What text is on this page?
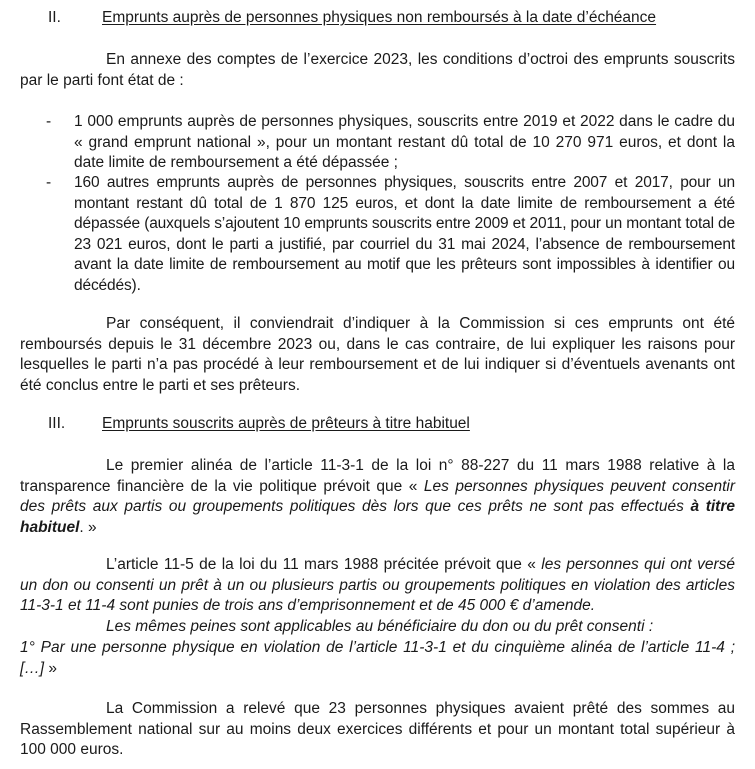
II.	Emprunts auprès de personnes physiques non remboursés à la date d’échéance
En annexe des comptes de l’exercice 2023, les conditions d’octroi des emprunts souscrits par le parti font état de :
- 1 000 emprunts auprès de personnes physiques, souscrits entre 2019 et 2022 dans le cadre du « grand emprunt national », pour un montant restant dû total de 10 270 971 euros, et dont la date limite de remboursement a été dépassée ;
- 160 autres emprunts auprès de personnes physiques, souscrits entre 2007 et 2017, pour un montant restant dû total de 1 870 125 euros, et dont la date limite de remboursement a été dépassée (auxquels s’ajoutent 10 emprunts souscrits entre 2009 et 2011, pour un montant total de 23 021 euros, dont le parti a justifié, par courriel du 31 mai 2024, l’absence de remboursement avant la date limite de remboursement au motif que les prêteurs sont impossibles à identifier ou décédés).
Par conséquent, il conviendrait d’indiquer à la Commission si ces emprunts ont été remboursés depuis le 31 décembre 2023 ou, dans le cas contraire, de lui expliquer les raisons pour lesquelles le parti n’a pas procédé à leur remboursement et de lui indiquer si d’éventuels avenants ont été conclus entre le parti et ses prêteurs.
III. Emprunts souscrits auprès de prêteurs à titre habituel
Le premier alinéa de l’article 11-3-1 de la loi n° 88-227 du 11 mars 1988 relative à la transparence financière de la vie politique prévoit que « Les personnes physiques peuvent consentir des prêts aux partis ou groupements politiques dès lors que ces prêts ne sont pas effectués à titre habituel. »
L’article 11-5 de la loi du 11 mars 1988 précitée prévoit que « les personnes qui ont versé un don ou consenti un prêt à un ou plusieurs partis ou groupements politiques en violation des articles 11-3-1 et 11-4 sont punies de trois ans d’emprisonnement et de 45 000 € d’amende.
Les mêmes peines sont applicables au bénéficiaire du don ou du prêt consenti :
1° Par une personne physique en violation de l’article 11-3-1 et du cinquième alinéa de l’article 11-4 ; […] »
La Commission a relevé que 23 personnes physiques avaient prêté des sommes au Rassemblement national sur au moins deux exercices différents et pour un montant total supérieur à 100 000 euros.
